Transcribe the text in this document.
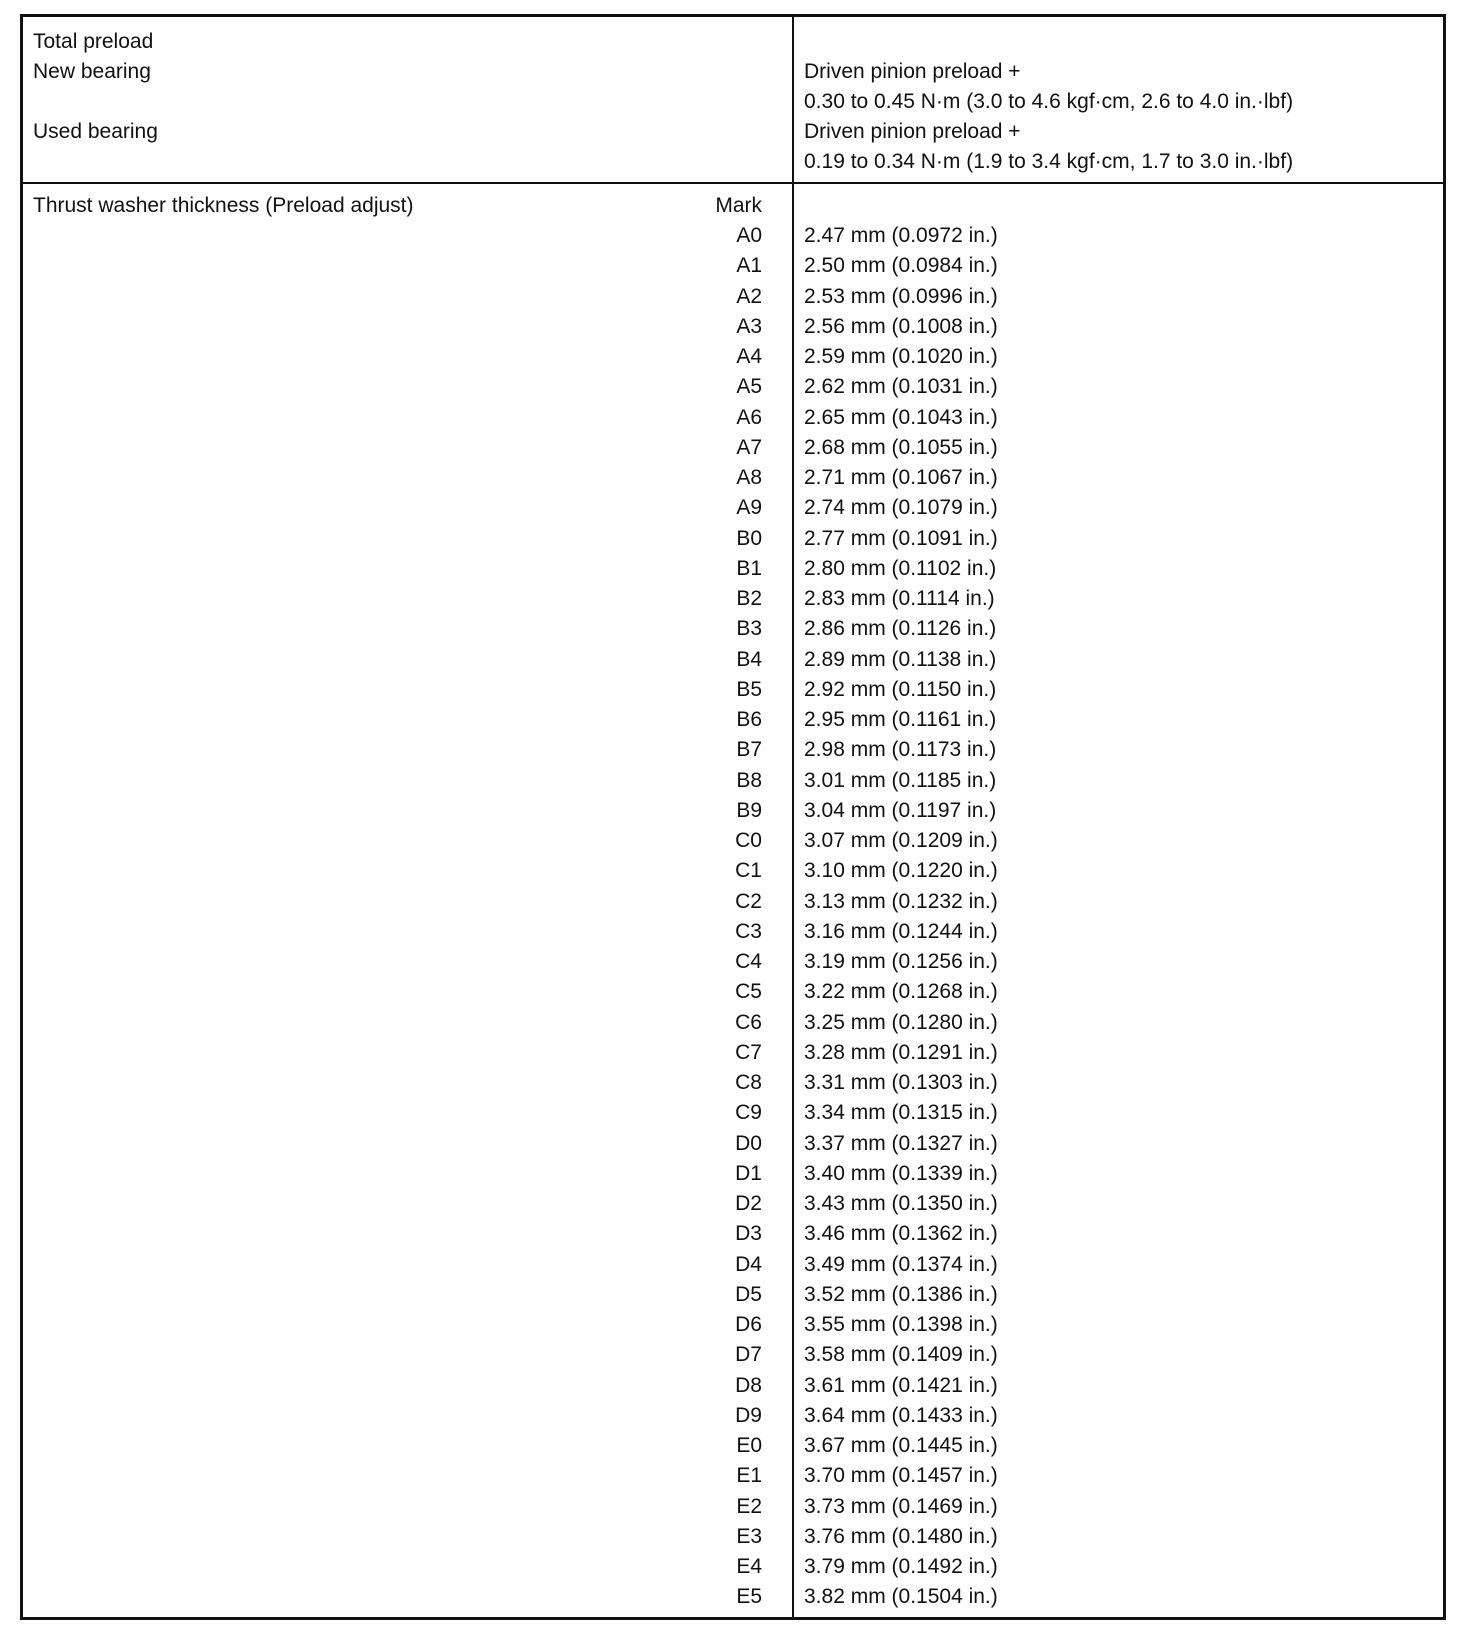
Total preload
New bearing	Driven pinion preload +
0.30 to 0.45 N·m (3.0 to 4.6 kgf·cm, 2.6 to 4.0 in.·lbf)
Used bearing	Driven pinion preload +
0.19 to 0.34 N·m (1.9 to 3.4 kgf·cm, 1.7 to 3.0 in.·lbf)
Thrust washer thickness (Preload adjust)	Mark
A0 2.47 mm (0.0972 in.)
A1 2.50 mm (0.0984 in.)
A2 2.53 mm (0.0996 in.)
A3 2.56 mm (0.1008 in.)
A4 2.59 mm (0.1020 in.)
A5 2.62 mm (0.1031 in.)
A6 2.65 mm (0.1043 in.)
A7 2.68 mm (0.1055 in.)
A8 2.71 mm (0.1067 in.)
A9 2.74 mm (0.1079 in.)
B0 2.77 mm (0.1091 in.)
B1 2.80 mm (0.1102 in.)
B2 2.83 mm (0.1114 in.)
B3 2.86 mm (0.1126 in.)
B4 2.89 mm (0.1138 in.)
B5 2.92 mm (0.1150 in.)
B6 2.95 mm (0.1161 in.)
B7 2.98 mm (0.1173 in.)
B8 3.01 mm (0.1185 in.)
B9 3.04 mm (0.1197 in.)
C0 3.07 mm (0.1209 in.)
C1 3.10 mm (0.1220 in.)
C2 3.13 mm (0.1232 in.)
C3 3.16 mm (0.1244 in.)
C4 3.19 mm (0.1256 in.)
C5 3.22 mm (0.1268 in.)
C6 3.25 mm (0.1280 in.)
C7 3.28 mm (0.1291 in.)
C8 3.31 mm (0.1303 in.)
C9 3.34 mm (0.1315 in.)
D0 3.37 mm (0.1327 in.)
D1 3.40 mm (0.1339 in.)
D2 3.43 mm (0.1350 in.)
D3 3.46 mm (0.1362 in.)
D4 3.49 mm (0.1374 in.)
D5 3.52 mm (0.1386 in.)
D6 3.55 mm (0.1398 in.)
D7 3.58 mm (0.1409 in.)
D8 3.61 mm (0.1421 in.)
D9 3.64 mm (0.1433 in.)
E0 3.67 mm (0.1445 in.)
E1 3.70 mm (0.1457 in.)
E2 3.73 mm (0.1469 in.)
E3 3.76 mm (0.1480 in.)
E4 3.79 mm (0.1492 in.)
E5 3.82 mm (0.1504 in.)
